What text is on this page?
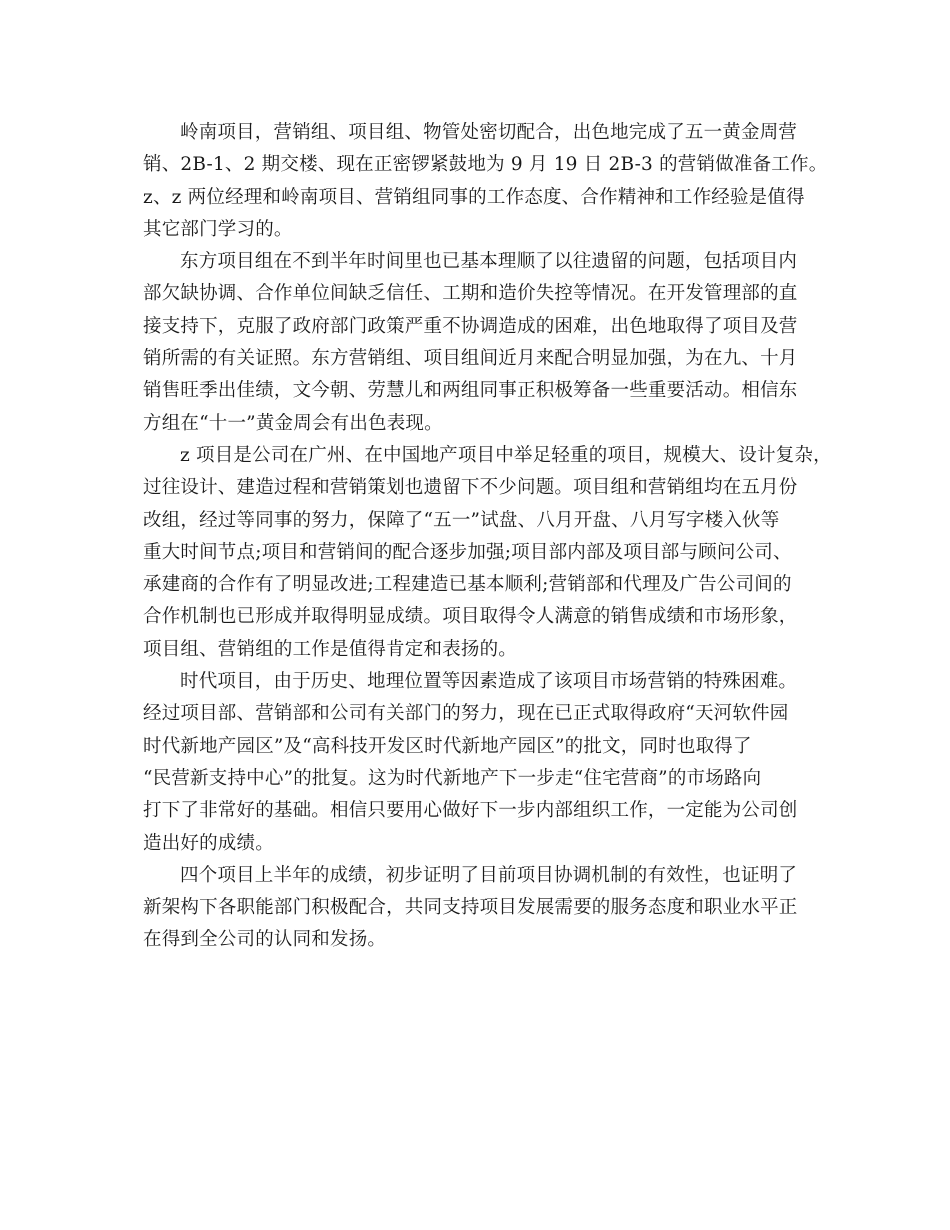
岭南项目，营销组、项目组、物管处密切配合，出色地完成了五一黄金周营
销、2B-1、2 期交楼、现在正密锣紧鼓地为 9 月 19 日 2B-3 的营销做准备工作。
z、z 两位经理和岭南项目、营销组同事的工作态度、合作精神和工作经验是值得
其它部门学习的。
东方项目组在不到半年时间里也已基本理顺了以往遗留的问题，包括项目内
部欠缺协调、合作单位间缺乏信任、工期和造价失控等情况。在开发管理部的直
接支持下，克服了政府部门政策严重不协调造成的困难，出色地取得了项目及营
销所需的有关证照。东方营销组、项目组间近月来配合明显加强，为在九、十月
销售旺季出佳绩，文今朝、劳慧儿和两组同事正积极筹备一些重要活动。相信东
方组在“十一”黄金周会有出色表现。
z 项目是公司在广州、在中国地产项目中举足轻重的项目，规模大、设计复杂，
过往设计、建造过程和营销策划也遗留下不少问题。项目组和营销组均在五月份
改组，经过等同事的努力，保障了“五一”试盘、八月开盘、八月写字楼入伙等
重大时间节点;项目和营销间的配合逐步加强;项目部内部及项目部与顾问公司、
承建商的合作有了明显改进;工程建造已基本顺利;营销部和代理及广告公司间的
合作机制也已形成并取得明显成绩。项目取得令人满意的销售成绩和市场形象，
项目组、营销组的工作是值得肯定和表扬的。
时代项目，由于历史、地理位置等因素造成了该项目市场营销的特殊困难。
经过项目部、营销部和公司有关部门的努力，现在已正式取得政府“天河软件园
时代新地产园区”及“高科技开发区时代新地产园区”的批文，同时也取得了
“民营新支持中心”的批复。这为时代新地产下一步走“住宅营商”的市场路向
打下了非常好的基础。相信只要用心做好下一步内部组织工作，一定能为公司创
造出好的成绩。
四个项目上半年的成绩，初步证明了目前项目协调机制的有效性，也证明了
新架构下各职能部门积极配合，共同支持项目发展需要的服务态度和职业水平正
在得到全公司的认同和发扬。
